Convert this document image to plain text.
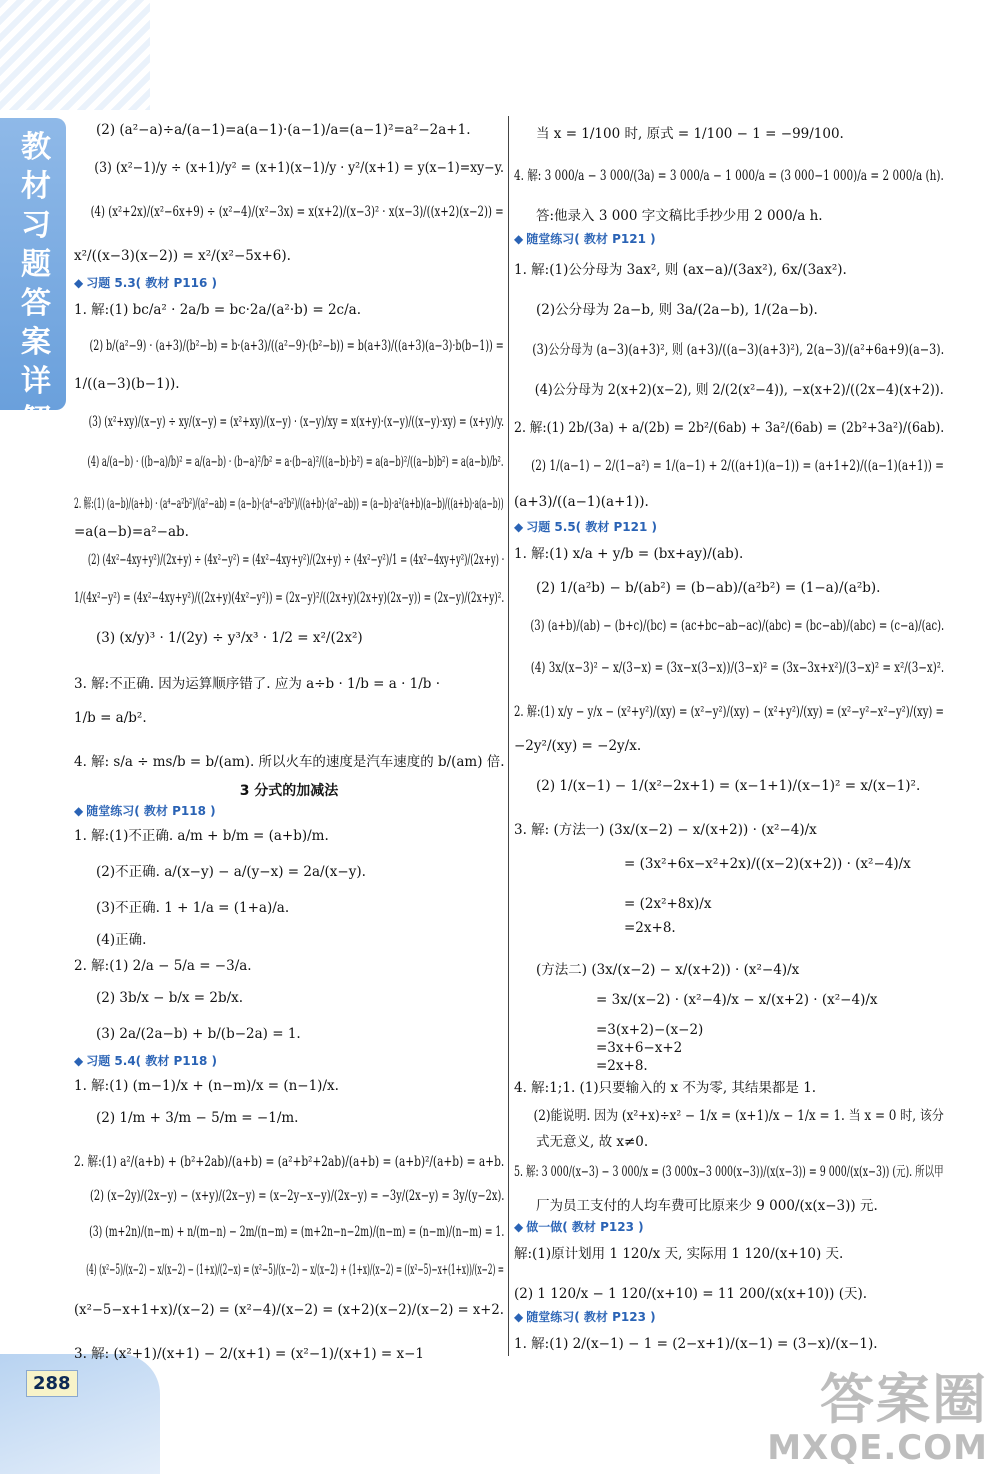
教
材
习
题
答
案
详
解
288
(2) (a²−a)÷a/(a−1)=a(a−1)·(a−1)/a=(a−1)²=a²−2a+1.
(3) (x²−1)/y ÷ (x+1)/y² = (x+1)(x−1)/y · y²/(x+1) = y(x−1)=xy−y.
(4) (x²+2x)/(x²−6x+9) ÷ (x²−4)/(x²−3x) = x(x+2)/(x−3)² · x(x−3)/((x+2)(x−2)) =
x²/((x−3)(x−2)) = x²/(x²−5x+6).
◆ 习题 5.3( 教材 P116 )
1. 解:(1) bc/a² · 2a/b = bc·2a/(a²·b) = 2c/a.
(2) b/(a²−9) · (a+3)/(b²−b) = b·(a+3)/((a²−9)·(b²−b)) = b(a+3)/((a+3)(a−3)·b(b−1)) =
1/((a−3)(b−1)).
(3) (x²+xy)/(x−y) ÷ xy/(x−y) = (x²+xy)/(x−y) · (x−y)/xy = x(x+y)·(x−y)/((x−y)·xy) = (x+y)/y.
(4) a/(a−b) · ((b−a)/b)² = a/(a−b) · (b−a)²/b² = a·(b−a)²/((a−b)·b²) = a(a−b)²/((a−b)b²) = a(a−b)/b².
2. 解:(1) (a−b)/(a+b) · (a⁴−a²b²)/(a²−ab) = (a−b)·(a⁴−a²b²)/((a+b)·(a²−ab)) = (a−b)·a²(a+b)(a−b)/((a+b)·a(a−b))
=a(a−b)=a²−ab.
(2) (4x²−4xy+y²)/(2x+y) ÷ (4x²−y²) = (4x²−4xy+y²)/(2x+y) ÷ (4x²−y²)/1 = (4x²−4xy+y²)/(2x+y) ·
1/(4x²−y²) = (4x²−4xy+y²)/((2x+y)(4x²−y²)) = (2x−y)²/((2x+y)(2x+y)(2x−y)) = (2x−y)/(2x+y)².
(3) (x/y)³ · 1/(2y) ÷ y³/x³ · 1/2 = x²/(2x²)
3. 解:不正确. 因为运算顺序错了. 应为 a÷b · 1/b = a · 1/b ·
1/b = a/b².
4. 解: s/a ÷ ms/b = b/(am). 所以火车的速度是汽车速度的 b/(am) 倍.
3 分式的加减法
◆ 随堂练习( 教材 P118 )
1. 解:(1)不正确. a/m + b/m = (a+b)/m.
(2)不正确. a/(x−y) − a/(y−x) = 2a/(x−y).
(3)不正确. 1 + 1/a = (1+a)/a.
(4)正确.
2. 解:(1) 2/a − 5/a = −3/a.
(2) 3b/x − b/x = 2b/x.
(3) 2a/(2a−b) + b/(b−2a) = 1.
◆ 习题 5.4( 教材 P118 )
1. 解:(1) (m−1)/x + (n−m)/x = (n−1)/x.
(2) 1/m + 3/m − 5/m = −1/m.
2. 解:(1) a²/(a+b) + (b²+2ab)/(a+b) = (a²+b²+2ab)/(a+b) = (a+b)²/(a+b) = a+b.
(2) (x−2y)/(2x−y) − (x+y)/(2x−y) = (x−2y−x−y)/(2x−y) = −3y/(2x−y) = 3y/(y−2x).
(3) (m+2n)/(n−m) + n/(m−n) − 2m/(n−m) = (m+2n−n−2m)/(n−m) = (n−m)/(n−m) = 1.
(4) (x²−5)/(x−2) − x/(x−2) − (1+x)/(2−x) = (x²−5)/(x−2) − x/(x−2) + (1+x)/(x−2) = ((x²−5)−x+(1+x))/(x−2) =
(x²−5−x+1+x)/(x−2) = (x²−4)/(x−2) = (x+2)(x−2)/(x−2) = x+2.
3. 解: (x²+1)/(x+1) − 2/(x+1) = (x²−1)/(x+1) = x−1
当 x = 1/100 时, 原式 = 1/100 − 1 = −99/100.
4. 解: 3 000/a − 3 000/(3a) = 3 000/a − 1 000/a = (3 000−1 000)/a = 2 000/a (h).
答:他录入 3 000 字文稿比手抄少用 2 000/a h.
◆ 随堂练习( 教材 P121 )
1. 解:(1)公分母为 3ax², 则 (ax−a)/(3ax²), 6x/(3ax²).
(2)公分母为 2a−b, 则 3a/(2a−b), 1/(2a−b).
(3)公分母为 (a−3)(a+3)², 则 (a+3)/((a−3)(a+3)²), 2(a−3)/(a²+6a+9)(a−3).
(4)公分母为 2(x+2)(x−2), 则 2/(2(x²−4)), −x(x+2)/((2x−4)(x+2)).
2. 解:(1) 2b/(3a) + a/(2b) = 2b²/(6ab) + 3a²/(6ab) = (2b²+3a²)/(6ab).
(2) 1/(a−1) − 2/(1−a²) = 1/(a−1) + 2/((a+1)(a−1)) = (a+1+2)/((a−1)(a+1)) =
(a+3)/((a−1)(a+1)).
◆ 习题 5.5( 教材 P121 )
1. 解:(1) x/a + y/b = (bx+ay)/(ab).
(2) 1/(a²b) − b/(ab²) = (b−ab)/(a²b²) = (1−a)/(a²b).
(3) (a+b)/(ab) − (b+c)/(bc) = (ac+bc−ab−ac)/(abc) = (bc−ab)/(abc) = (c−a)/(ac).
(4) 3x/(x−3)² − x/(3−x) = (3x−x(3−x))/(3−x)² = (3x−3x+x²)/(3−x)² = x²/(3−x)².
2. 解:(1) x/y − y/x − (x²+y²)/(xy) = (x²−y²)/(xy) − (x²+y²)/(xy) = (x²−y²−x²−y²)/(xy) =
−2y²/(xy) = −2y/x.
(2) 1/(x−1) − 1/(x²−2x+1) = (x−1+1)/(x−1)² = x/(x−1)².
3. 解: (方法一) (3x/(x−2) − x/(x+2)) · (x²−4)/x
= (3x²+6x−x²+2x)/((x−2)(x+2)) · (x²−4)/x
= (2x²+8x)/x
=2x+8.
(方法二) (3x/(x−2) − x/(x+2)) · (x²−4)/x
= 3x/(x−2) · (x²−4)/x − x/(x+2) · (x²−4)/x
=3(x+2)−(x−2)
=3x+6−x+2
=2x+8.
4. 解:1;1. (1)只要输入的 x 不为零, 其结果都是 1.
(2)能说明. 因为 (x²+x)÷x² − 1/x = (x+1)/x − 1/x = 1. 当 x = 0 时, 该分
式无意义, 故 x≠0.
5. 解: 3 000/(x−3) − 3 000/x = (3 000x−3 000(x−3))/(x(x−3)) = 9 000/(x(x−3)) (元). 所以甲
厂为员工支付的人均车费可比原来少 9 000/(x(x−3)) 元.
◆ 做一做( 教材 P123 )
解:(1)原计划用 1 120/x 天, 实际用 1 120/(x+10) 天.
(2) 1 120/x − 1 120/(x+10) = 11 200/(x(x+10)) (天).
◆ 随堂练习( 教材 P123 )
1. 解:(1) 2/(x−1) − 1 = (2−x+1)/(x−1) = (3−x)/(x−1).
答案圈
MXQE.COM
